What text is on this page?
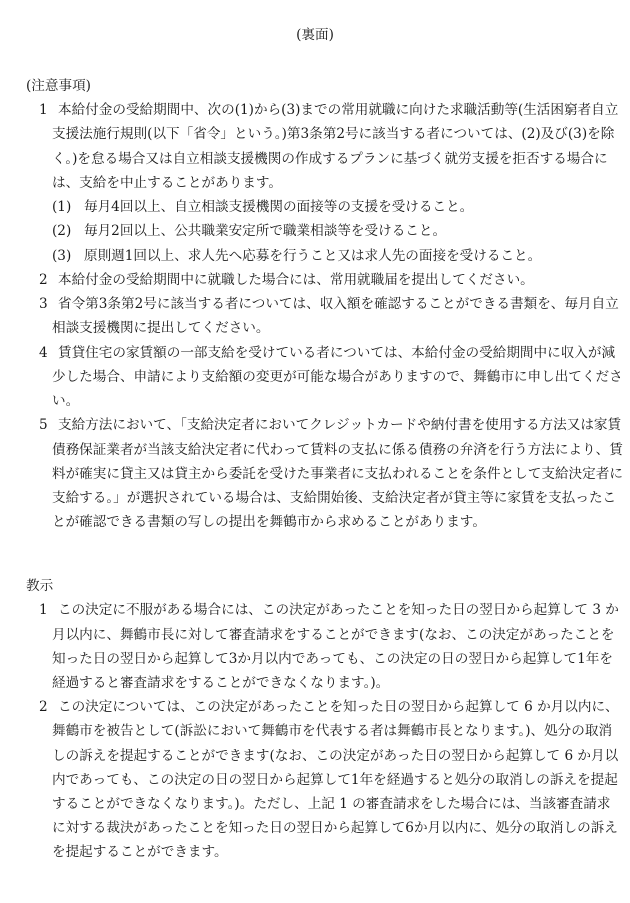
(裏面)
(注意事項)
1 本給付金の受給期間中、次の(1)から(3)までの常用就職に向けた求職活動等(生活困窮者自立
支援法施行規則(以下「省令」という。)第3条第2号に該当する者については、(2)及び(3)を除
く。)を怠る場合又は自立相談支援機関の作成するプランに基づく就労支援を拒否する場合に
は、支給を中止することがあります。
(1) 毎月4回以上、自立相談支援機関の面接等の支援を受けること。
(2) 毎月2回以上、公共職業安定所で職業相談等を受けること。
(3) 原則週1回以上、求人先へ応募を行うこと又は求人先の面接を受けること。
2 本給付金の受給期間中に就職した場合には、常用就職届を提出してください。
3 省令第3条第2号に該当する者については、収入額を確認することができる書類を、毎月自立
相談支援機関に提出してください。
4 賃貸住宅の家賃額の一部支給を受けている者については、本給付金の受給期間中に収入が減
少した場合、申請により支給額の変更が可能な場合がありますので、舞鶴市に申し出てくださ
い。
5 支給方法において、「支給決定者においてクレジットカードや納付書を使用する方法又は家賃
債務保証業者が当該支給決定者に代わって賃料の支払に係る債務の弁済を行う方法により、賃
料が確実に貸主又は貸主から委託を受けた事業者に支払われることを条件として支給決定者に
支給する。」が選択されている場合は、支給開始後、支給決定者が貸主等に家賃を支払ったこ
とが確認できる書類の写しの提出を舞鶴市から求めることがあります。
教示
1 この決定に不服がある場合には、この決定があったことを知った日の翌日から起算して 3 か
月以内に、舞鶴市長に対して審査請求をすることができます(なお、この決定があったことを
知った日の翌日から起算して3か月以内であっても、この決定の日の翌日から起算して1年を
経過すると審査請求をすることができなくなります。)。
2 この決定については、この決定があったことを知った日の翌日から起算して 6 か月以内に、
舞鶴市を被告として(訴訟において舞鶴市を代表する者は舞鶴市長となります。)、処分の取消
しの訴えを提起することができます(なお、この決定があった日の翌日から起算して 6 か月以
内であっても、この決定の日の翌日から起算して1年を経過すると処分の取消しの訴えを提起
することができなくなります。)。ただし、上記 1 の審査請求をした場合には、当該審査請求
に対する裁決があったことを知った日の翌日から起算して6か月以内に、処分の取消しの訴え
を提起することができます。
